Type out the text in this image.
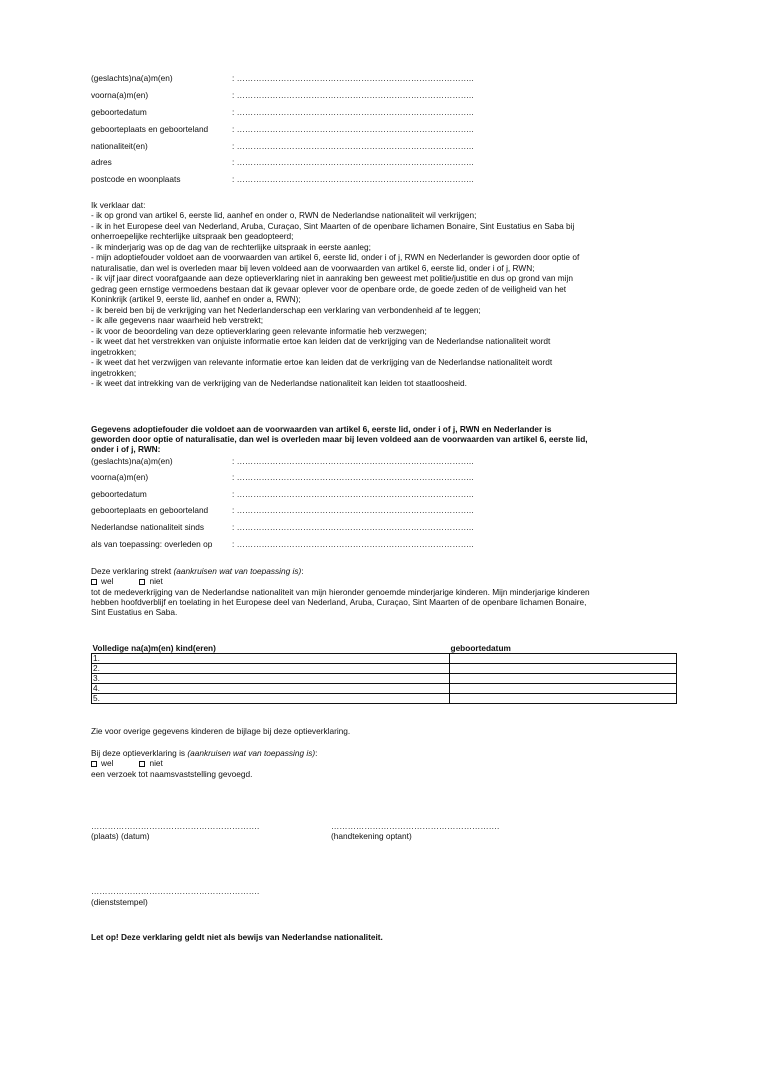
(geslachts)na(a)m(en)	: …………………………………………………………………………..
voorna(a)m(en)	: …………………………………………………………………………..
geboortedatum	: …………………………………………………………………………..
geboorteplaats en geboorteland	: …………………………………………………………………………..
nationaliteit(en)	: …………………………………………………………………………..
adres	: …………………………………………………………………………..
postcode en woonplaats	: …………………………………………………………………………..
Ik verklaar dat:
- ik op grond van artikel 6, eerste lid, aanhef en onder o, RWN de Nederlandse nationaliteit wil verkrijgen;
- ik in het Europese deel van Nederland, Aruba, Curaçao, Sint Maarten of de openbare lichamen Bonaire, Sint Eustatius en Saba bij
onherroepelijke rechterlijke uitspraak ben geadopteerd;
- ik minderjarig was op de dag van de rechterlijke uitspraak in eerste aanleg;
- mijn adoptiefouder voldoet aan de voorwaarden van artikel 6, eerste lid, onder i of j, RWN en Nederlander is geworden door optie of
naturalisatie, dan wel is overleden maar bij leven voldeed aan de voorwaarden van artikel 6, eerste lid, onder i of j, RWN;
- ik vijf jaar direct voorafgaande aan deze optieverklaring niet in aanraking ben geweest met politie/justitie en dus op grond van mijn
gedrag geen ernstige vermoedens bestaan dat ik gevaar oplever voor de openbare orde, de goede zeden of de veiligheid van het
Koninkrijk (artikel 9, eerste lid, aanhef en onder a, RWN);
- ik bereid ben bij de verkrijging van het Nederlanderschap een verklaring van verbondenheid af te leggen;
- ik alle gegevens naar waarheid heb verstrekt;
- ik voor de beoordeling van deze optieverklaring geen relevante informatie heb verzwegen;
- ik weet dat het verstrekken van onjuiste informatie ertoe kan leiden dat de verkrijging van de Nederlandse nationaliteit wordt
ingetrokken;
- ik weet dat het verzwijgen van relevante informatie ertoe kan leiden dat de verkrijging van de Nederlandse nationaliteit wordt
ingetrokken;
- ik weet dat intrekking van de verkrijging van de Nederlandse nationaliteit kan leiden tot staatloosheid.
Gegevens adoptiefouder die voldoet aan de voorwaarden van artikel 6, eerste lid, onder i of j, RWN en Nederlander is
geworden door optie of naturalisatie, dan wel is overleden maar bij leven voldeed aan de voorwaarden van artikel 6, eerste lid,
onder i of j, RWN:
(geslachts)na(a)m(en)	: …………………………………………………………………………..
voorna(a)m(en)	: …………………………………………………………………………..
geboortedatum	: …………………………………………………………………………..
geboorteplaats en geboorteland	: …………………………………………………………………………..
Nederlandse nationaliteit sinds	: …………………………………………………………………………..
als van toepassing: overleden op : …………………………………………………………………………..
Deze verklaring strekt (aankruisen wat van toepassing is):
wel	niet
tot de medeverkrijging van de Nederlandse nationaliteit van mijn hieronder genoemde minderjarige kinderen. Mijn minderjarige kinderen
hebben hoofdverblijf en toelating in het Europese deel van Nederland, Aruba, Curaçao, Sint Maarten of de openbare lichamen Bonaire,
Sint Eustatius en Saba.
Volledige na(a)m(en) kind(eren)	geboortedatum
1.	
2.	
3.	
4.	
5.	
Zie voor overige gegevens kinderen de bijlage bij deze optieverklaring.
Bij deze optieverklaring is (aankruisen wat van toepassing is):
wel	niet
een verzoek tot naamsvaststelling gevoegd.
…………………………………………………….
(plaats) (datum)
…………………………………………………….
(handtekening optant)
…………………………………………………….
(dienststempel)
Let op! Deze verklaring geldt niet als bewijs van Nederlandse nationaliteit.
